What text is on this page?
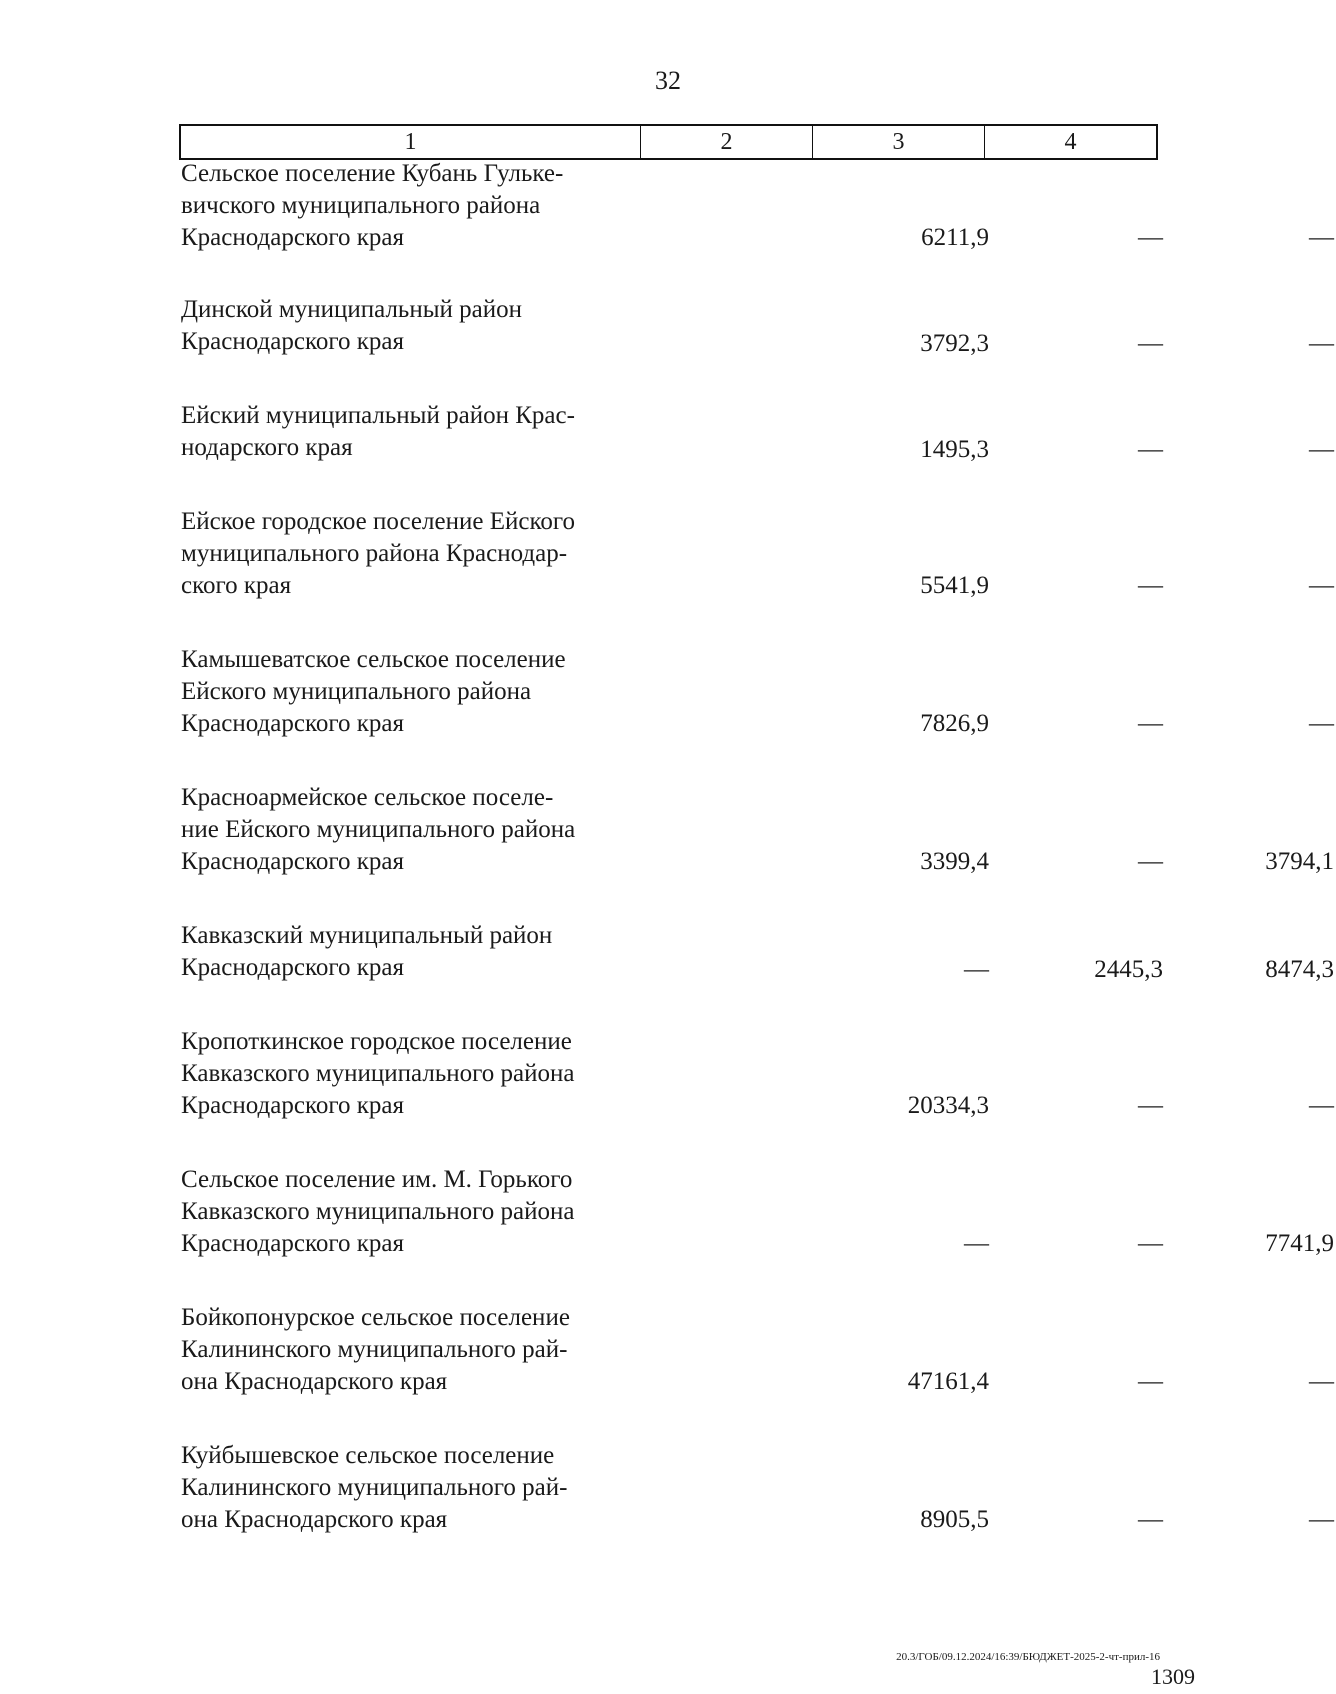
32
1	2	3	4
Сельское поселение Кубань Гульке-
вичского муниципального района
Краснодарского края	6211,9	—	—
Динской муниципальный район
Краснодарского края	3792,3	—	—
Ейский муниципальный район Крас-
нодарского края	1495,3	—	—
Ейское городское поселение Ейского
муниципального района Краснодар-
ского края	5541,9	—	—
Камышеватское сельское поселение
Ейского муниципального района
Краснодарского края	7826,9	—	—
Красноармейское сельское поселе-
ние Ейского муниципального района
Краснодарского края	3399,4	—	3794,1
Кавказский муниципальный район
Краснодарского края	—	2445,3	8474,3
Кропоткинское городское поселение
Кавказского муниципального района
Краснодарского края	20334,3	—	—
Сельское поселение им. М. Горького
Кавказского муниципального района
Краснодарского края	—	—	7741,9
Бойкопонурское сельское поселение
Калининского муниципального рай-
она Краснодарского края	47161,4	—	—
Куйбышевское сельское поселение
Калининского муниципального рай-
она Краснодарского края	8905,5	—	—
20.3/ГОБ/09.12.2024/16:39/БЮДЖЕТ-2025-2-чт-прил-16
1309
